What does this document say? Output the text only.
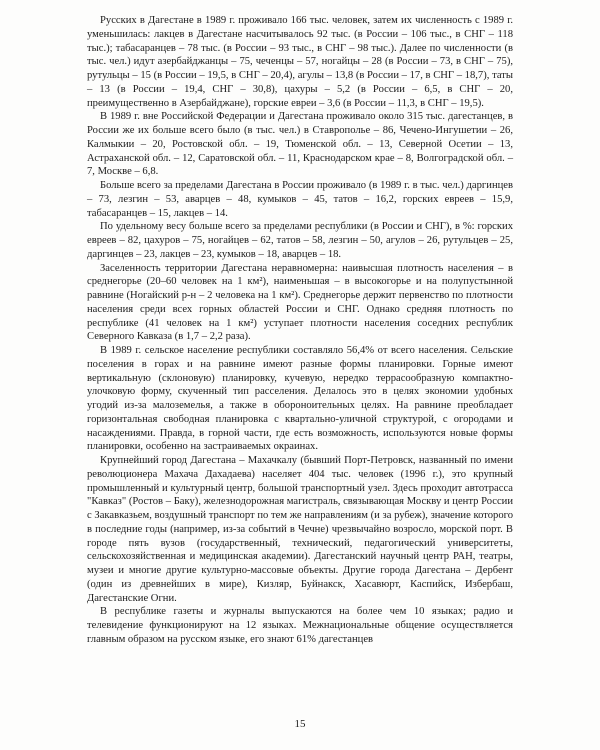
Русских в Дагестане в 1989 г. проживало 166 тыс. человек, затем их численность с 1989 г. уменьшилась: лакцев в Дагестане насчитывалось 92 тыс. (в России – 106 тыс., в СНГ – 118 тыс.); табасаранцев – 78 тыс. (в России – 93 тыс., в СНГ – 98 тыс.). Далее по численности (в тыс. чел.) идут азербайджанцы – 75, чеченцы – 57, ногайцы – 28 (в России – 73, в СНГ – 75), рутульцы – 15 (в России – 19,5, в СНГ – 20,4), агулы – 13,8 (в России – 17, в СНГ – 18,7), таты – 13 (в России – 19,4, СНГ – 30,8), цахуры – 5,2 (в России – 6,5, в СНГ – 20, преимущественно в Азербайджане), горские евреи – 3,6 (в России – 11,3, в СНГ – 19,5).

В 1989 г. вне Российской Федерации и Дагестана проживало около 315 тыс. дагестанцев, в России же их больше всего было (в тыс. чел.) в Ставрополье – 86, Чечено-Ингушетии – 26, Калмыкии – 20, Ростовской обл. – 19, Тюменской обл. – 13, Северной Осетии – 13, Астраханской обл. – 12, Саратовской обл. – 11, Краснодарском крае – 8, Волгоградской обл. – 7, Москве – 6,8.

Больше всего за пределами Дагестана в России проживало (в 1989 г. в тыс. чел.) даргинцев – 73, лезгин – 53, аварцев – 48, кумыков – 45, татов – 16,2, горских евреев – 15,9, табасаранцев – 15, лакцев – 14.

По удельному весу больше всего за пределами республики (в России и СНГ), в %: горских евреев – 82, цахуров – 75, ногайцев – 62, татов – 58, лезгин – 50, агулов – 26, рутульцев – 25, даргинцев – 23, лакцев – 23, кумыков – 18, аварцев – 18.

Заселенность территории Дагестана неравномерна: наивысшая плотность населения – в среднегорье (20–60 человек на 1 км²), наименьшая – в высокогорье и на полупустынной равнине (Ногайский р-н – 2 человека на 1 км²). Среднегорье держит первенство по плотности населения среди всех горных областей России и СНГ. Однако средняя плотность по республике (41 человек на 1 км²) уступает плотности населения соседних республик Северного Кавказа (в 1,7 – 2,2 раза).

В 1989 г. сельское население республики составляло 56,4% от всего населения. Сельские поселения в горах и на равнине имеют разные формы планировки. Горные имеют вертикальную (склоновую) планировку, кучевую, нередко террасообразную компактно-улочковую форму, скученный тип расселения. Делалось это в целях экономии удобных угодий из-за малоземелья, а также в обороноительных целях. На равнине преобладает горизонтальная свободная планировка с квартально-уличной структурой, с огородами и насаждениями. Правда, в горной части, где есть возможность, используются новые формы планировки, особенно на застраиваемых окраинах.

Крупнейший город Дагестана – Махачкалу (бывший Порт-Петровск, названный по имени революционера Махача Дахадаева) населяет 404 тыс. человек (1996 г.), это крупный промышленный и культурный центр, большой транспортный узел. Здесь проходит автотрасса "Кавказ" (Ростов – Баку), железнодорожная магистраль, связывающая Москву и центр России с Закавказьем, воздушный транспорт по тем же направлениям (и за рубеж), значение которого в последние годы (например, из-за событий в Чечне) чрезвычайно возросло, морской порт. В городе пять вузов (государственный, технический, педагогический университеты, сельскохозяйственная и медицинская академии). Дагестанский научный центр РАН, театры, музеи и многие другие культурно-массовые объекты. Другие города Дагестана – Дербент (один из древнейших в мире), Кизляр, Буйнакск, Хасавюрт, Каспийск, Избербаш, Дагестанские Огни.

В республике газеты и журналы выпускаются на более чем 10 языках; радио и телевидение функционируют на 12 языках. Межнациональные общение осуществляется главным образом на русском языке, его знают 61% дагестанцев

15
